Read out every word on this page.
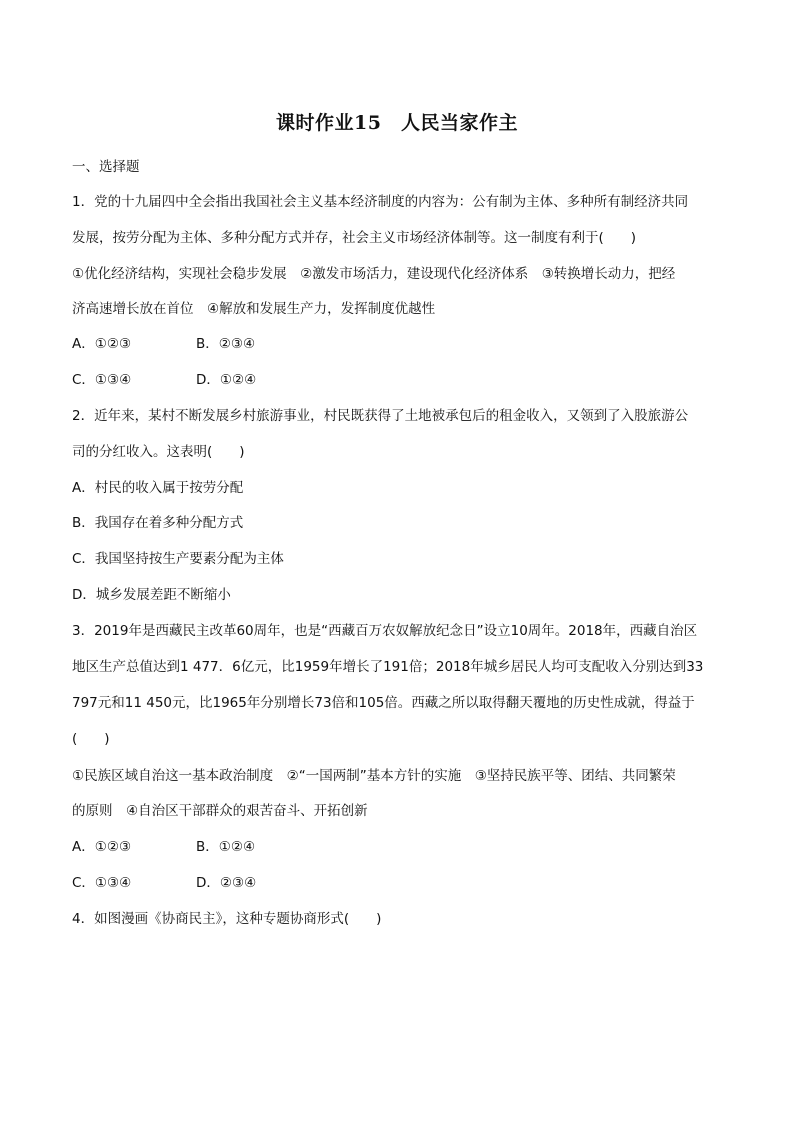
课时作业15　人民当家作主
一、选择题
1．党的十九届四中全会指出我国社会主义基本经济制度的内容为：公有制为主体、多种所有制经济共同
发展，按劳分配为主体、多种分配方式并存，社会主义市场经济体制等。这一制度有利于(　　)
①优化经济结构，实现社会稳步发展　②激发市场活力，建设现代化经济体系　③转换增长动力，把经
济高速增长放在首位　④解放和发展生产力，发挥制度优越性
A．①②③	B．②③④
C．①③④	D．①②④
2．近年来，某村不断发展乡村旅游事业，村民既获得了土地被承包后的租金收入，又领到了入股旅游公
司的分红收入。这表明(　　)
A．村民的收入属于按劳分配
B．我国存在着多种分配方式
C．我国坚持按生产要素分配为主体
D．城乡发展差距不断缩小
3．2019年是西藏民主改革60周年，也是“西藏百万农奴解放纪念日”设立10周年。2018年，西藏自治区
地区生产总值达到1 477．6亿元，比1959年增长了191倍；2018年城乡居民人均可支配收入分别达到33
797元和11 450元，比1965年分别增长73倍和105倍。西藏之所以取得翻天覆地的历史性成就，得益于
(　　)
①民族区域自治这一基本政治制度　②“一国两制”基本方针的实施　③坚持民族平等、团结、共同繁荣
的原则　④自治区干部群众的艰苦奋斗、开拓创新
A．①②③	B．①②④
C．①③④	D．②③④
4．如图漫画《协商民主》，这种专题协商形式(　　)
